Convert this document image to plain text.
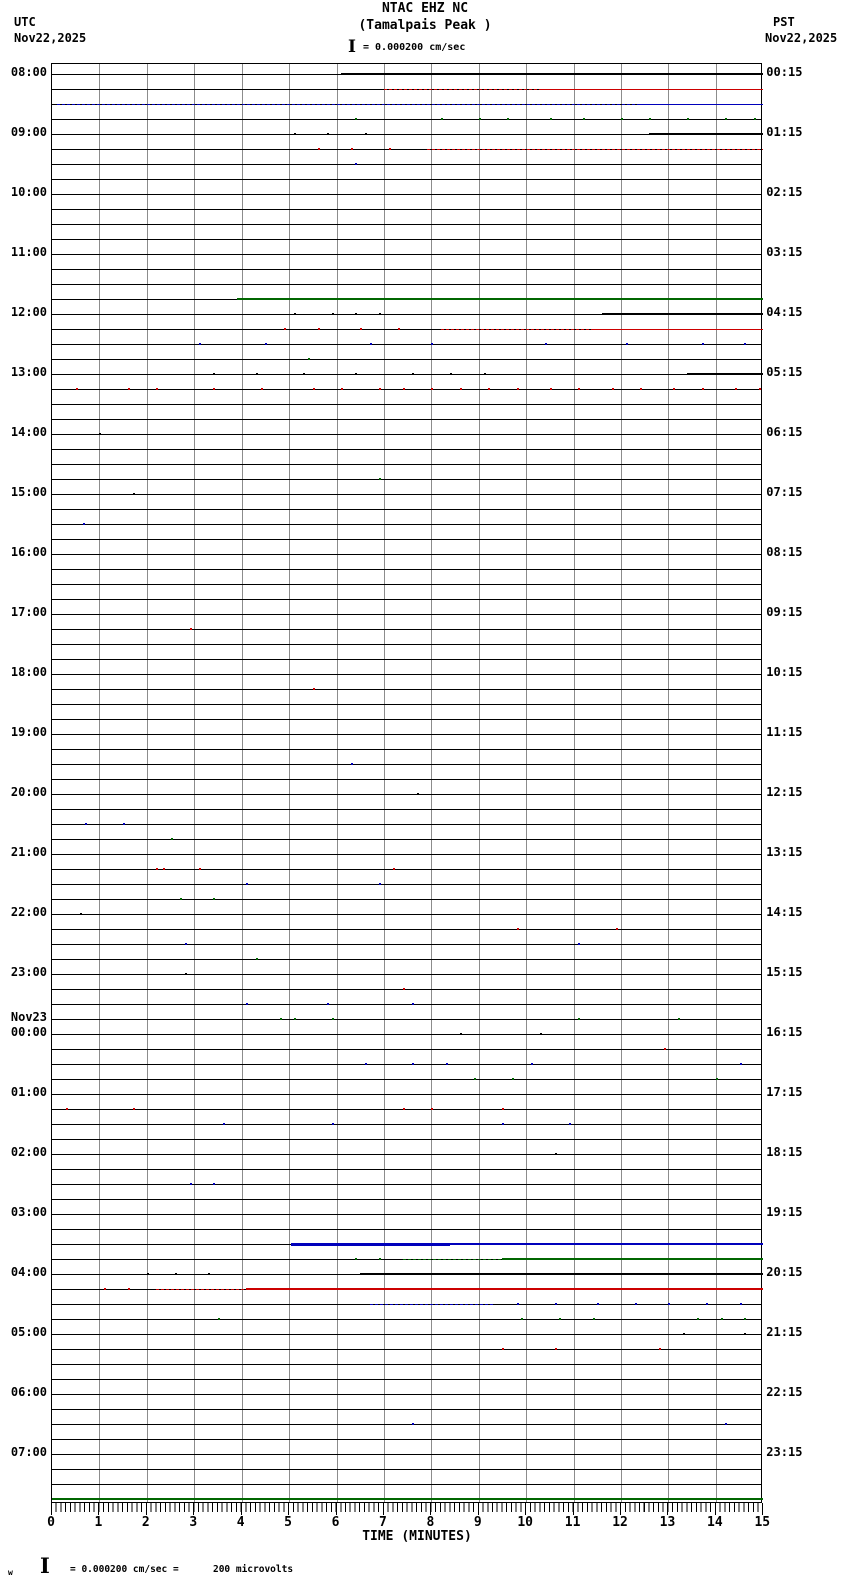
UTC
Nov22,2025
PST
Nov22,2025
NTAC EHZ NC
(Tamalpais Peak )
I = 0.000200 cm/sec
08:00	00:15
09:00	01:15
10:00	02:15
11:00	03:15
12:00	04:15
13:00	05:15
14:00	06:15
15:00	07:15
16:00	08:15
17:00	09:15
18:00	10:15
19:00	11:15
20:00	12:15
21:00	13:15
22:00	14:15
23:00	15:15
00:00	16:15
Nov23
01:00	17:15
02:00	18:15
03:00	19:15
04:00	20:15
05:00	21:15
06:00	22:15
07:00	23:15
0	1	2	3	4	5	6	7	8	9	10	11	12	13	14	15
TIME (MINUTES)
w I = 0.000200 cm/sec =      200 microvolts
